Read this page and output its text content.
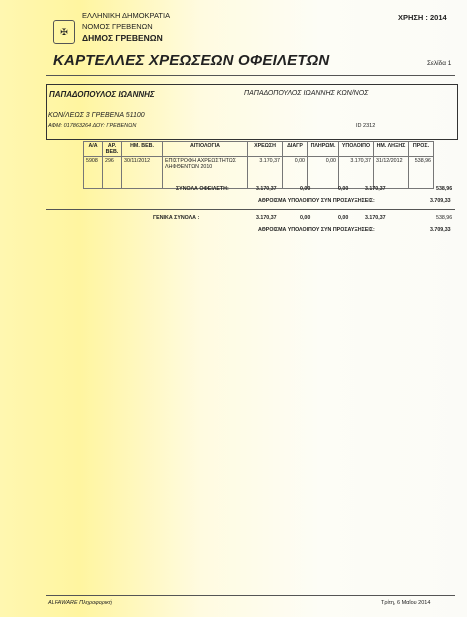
✠
ΕΛΛΗΝΙΚΗ ΔΗΜΟΚΡΑΤΙΑ
ΝΟΜΟΣ ΓΡΕΒΕΝΩΝ
ΔΗΜΟΣ ΓΡΕΒΕΝΩΝ
ΧΡΗΣΗ : 2014
ΚΑΡΤΕΛΛΕΣ ΧΡΕΩΣΕΩΝ ΟΦΕΙΛΕΤΩΝ	Σελίδα 1
ΠΑΠΑΔΟΠΟΥΛΟΣ ΙΩΑΝΝΗΣ	ΠΑΠΑΔΟΠΟΥΛΟΣ ΙΩΑΝΝΗΣ ΚΩΝ/ΝΟΣ
ΚΩΝ/ΛΕΩΣ 3 ΓΡΕΒΕΝΑ 51100
ΑΦΜ: 017863264 ΔΟΥ: ΓΡΕΒΕΝΩΝ	ID 2312
Α/Α	ΑΡ. ΒΕΒ.	ΗΜ. ΒΕΒ.	ΑΙΤΙΟΛΟΓΙΑ	ΧΡΕΩΣΗ	ΔΙΑΓΡ	ΠΛΗΡΩΜ.	ΥΠΟΛΟΙΠΟ	ΗΜ. ΛΗΞΗΣ	ΠΡΟΣ.
5908	296	30/11/2012	ΕΠΙΣΤΡΟΦΗ ΑΧΡΕΩΣΤΗΤΩΣ ΛΗΦΘΕΝΤΩΝ 2010	3.170,37	0,00	0,00	3.170,37	31/12/2012	538,96
ΣΥΝΟΛΑ ΟΦΕΙΛΕΤΗ:	3.170,37	0,00	0,00	3.170,37	538,96
ΑΘΡΟΙΣΜΑ ΥΠΟΛΟΙΠΟΥ ΣΥΝ ΠΡΟΣΑΥΞΗΣΕΙΣ:	3.709,33
ΓΕΝΙΚΑ ΣΥΝΟΛΑ :	3.170,37	0,00	0,00	3.170,37	538,96
ΑΘΡΟΙΣΜΑ ΥΠΟΛΟΙΠΟΥ ΣΥΝ ΠΡΟΣΑΥΞΗΣΕΙΣ:	3.709,33
ALFAWARE Πληροφορική	Τρίτη, 6 Μαΐου 2014
